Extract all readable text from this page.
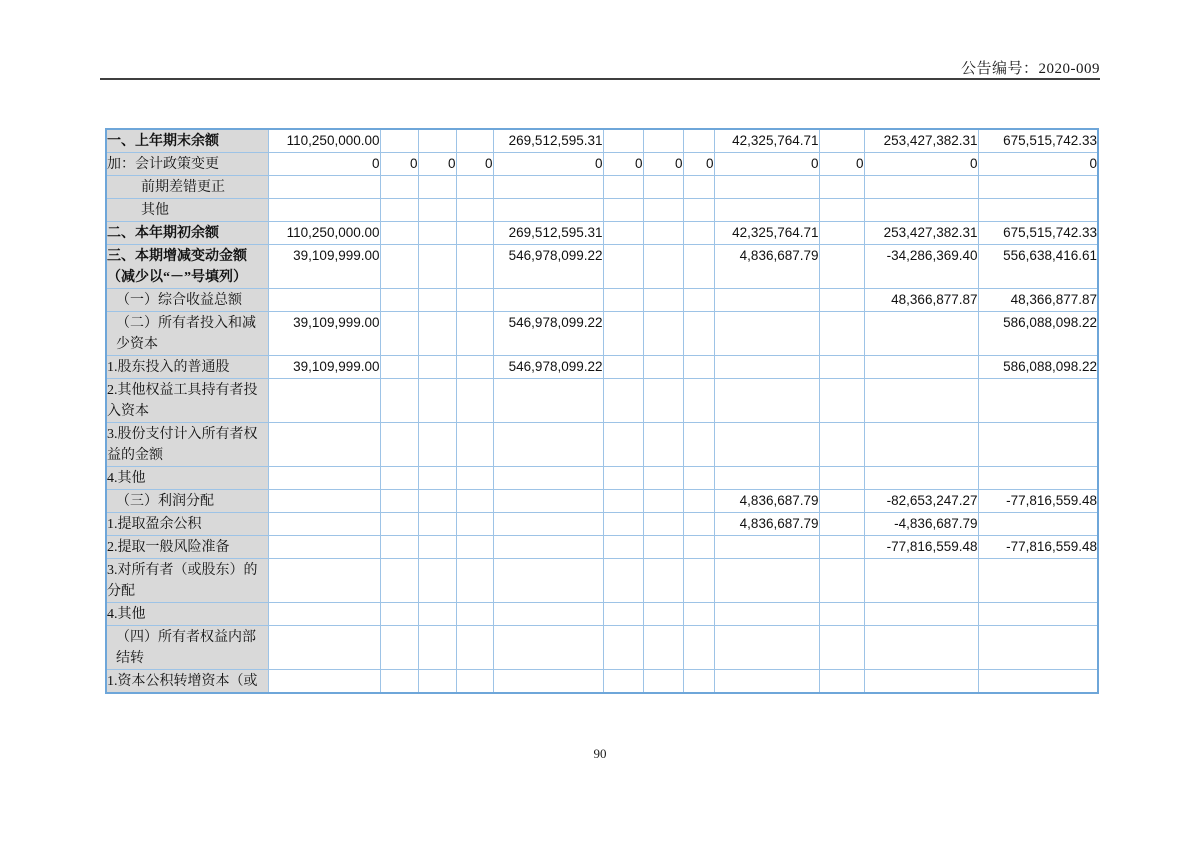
公告编号：2020-009
一、上年期末余额	110,250,000.00				269,512,595.31				42,325,764.71		253,427,382.31	675,515,742.33
加：会计政策变更	0	0	0	0	0	0	0	0	0	0	0	0
前期差错更正												
其他												
二、本年期初余额	110,250,000.00				269,512,595.31				42,325,764.71		253,427,382.31	675,515,742.33
三、本期增减变动金额（减少以“－”号填列）	39,109,999.00				546,978,099.22				4,836,687.79		-34,286,369.40	556,638,416.61
（一）综合收益总额											48,366,877.87	48,366,877.87
（二）所有者投入和减少资本	39,109,999.00				546,978,099.22							586,088,098.22
1.股东投入的普通股	39,109,999.00				546,978,099.22							586,088,098.22
2.其他权益工具持有者投入资本												
3.股份支付计入所有者权益的金额												
4.其他												
（三）利润分配									4,836,687.79		-82,653,247.27	-77,816,559.48
1.提取盈余公积									4,836,687.79		-4,836,687.79	
2.提取一般风险准备											-77,816,559.48	-77,816,559.48
3.对所有者（或股东）的分配												
4.其他												
（四）所有者权益内部结转												
1.资本公积转增资本（或												
90
